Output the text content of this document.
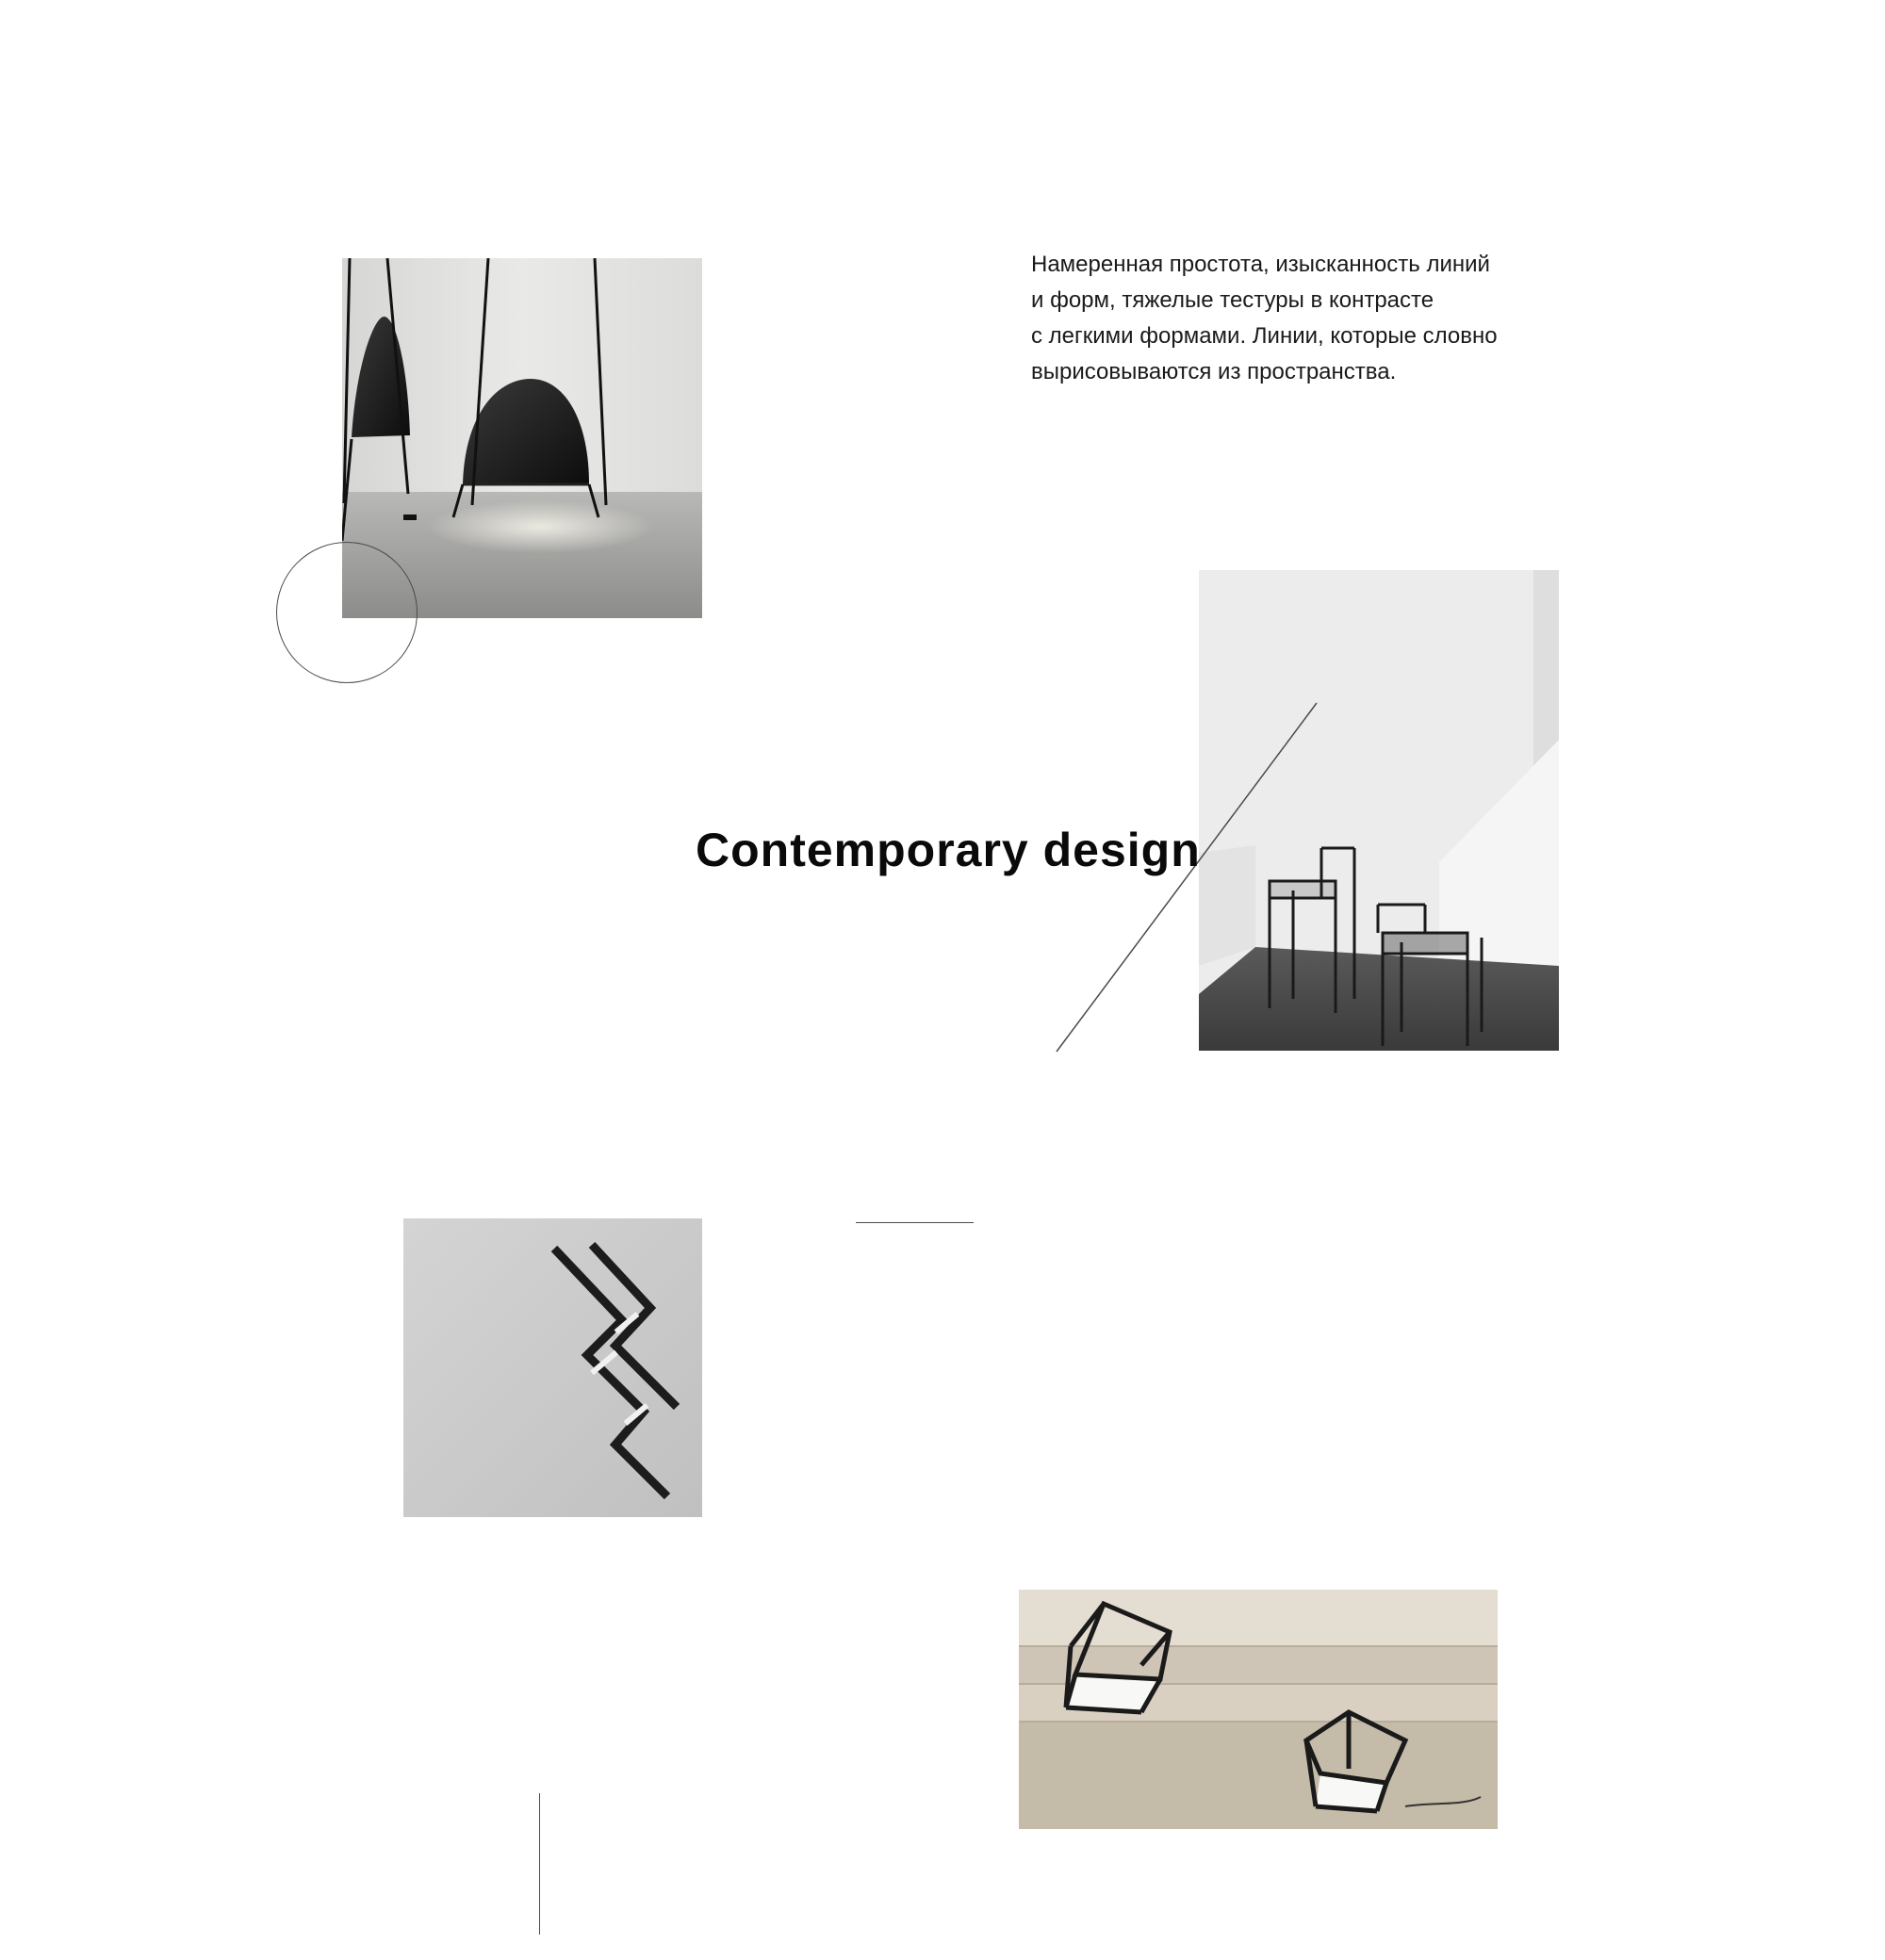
Намеренная простота, изысканность линий
и форм, тяжелые тестуры в контрасте
с легкими формами. Линии, которые словно
вырисовываются из пространства.

Contemporary design
